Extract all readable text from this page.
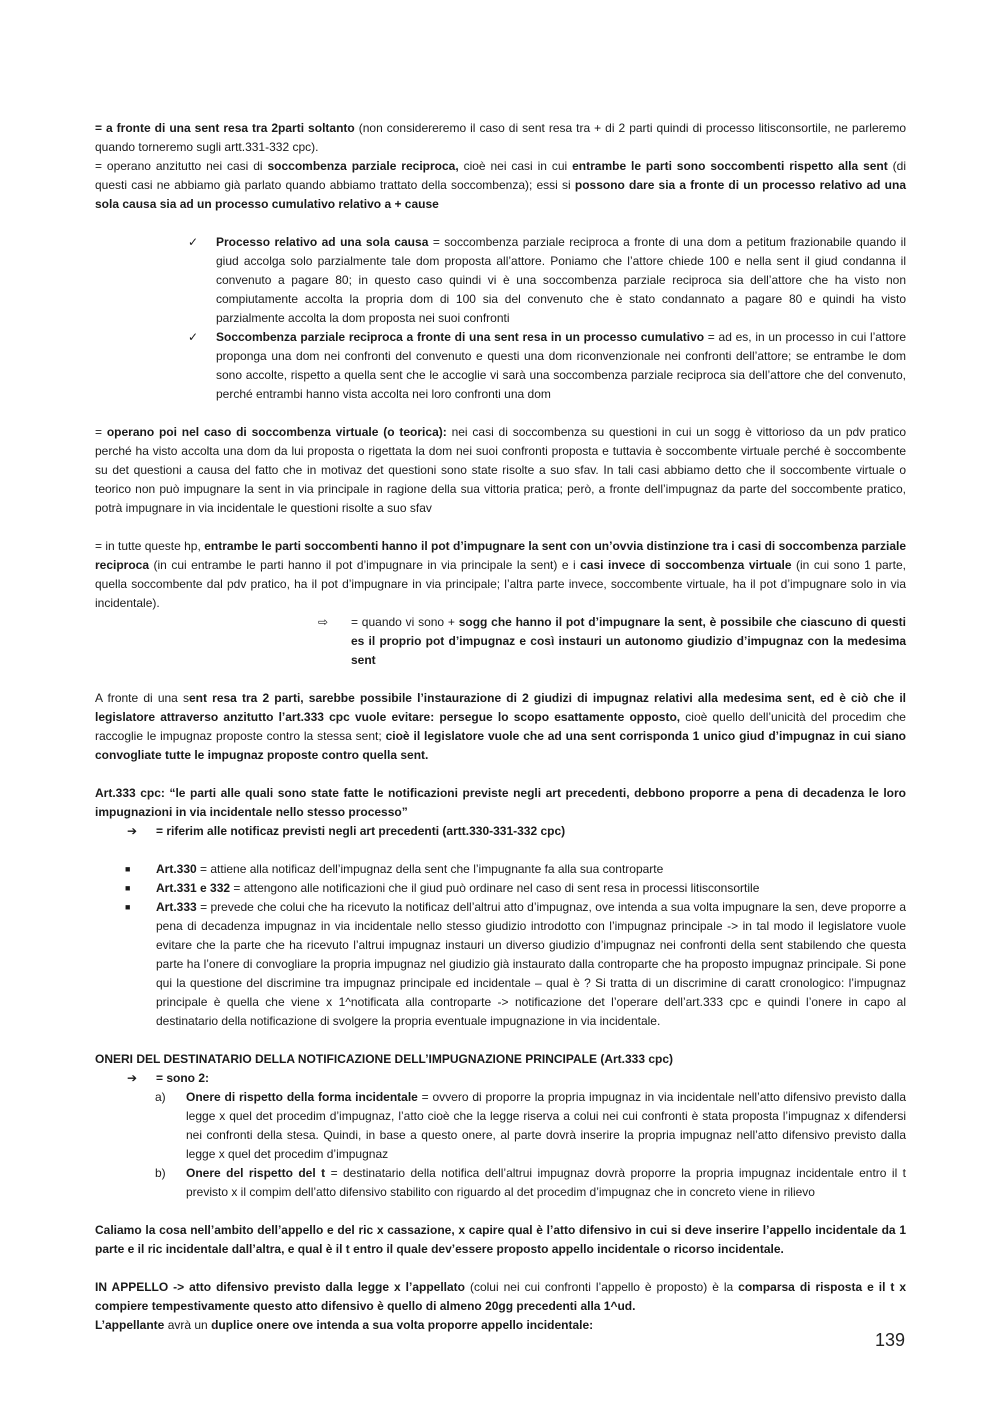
= a fronte di una sent resa tra 2parti soltanto (non considereremo il caso di sent resa tra + di 2 parti quindi di processo litisconsortile, ne parleremo quando torneremo sugli artt.331-332 cpc).

= operano anzitutto nei casi di soccombenza parziale reciproca, cioè nei casi in cui entrambe le parti sono soccombenti rispetto alla sent (di questi casi ne abbiamo già parlato quando abbiamo trattato della soccombenza); essi si possono dare sia a fronte di un processo relativo ad una sola causa sia ad un processo cumulativo relativo a + cause

✓	Processo relativo ad una sola causa = soccombenza parziale reciproca a fronte di una dom a petitum frazionabile quando il giud accolga solo parzialmente tale dom proposta all’attore. Poniamo che l’attore chiede 100 e nella sent il giud condanna il convenuto a pagare 80; in questo caso quindi vi è una soccombenza parziale reciproca sia dell’attore che ha visto non compiutamente accolta la propria dom di 100 sia del convenuto che è stato condannato a pagare 80 e quindi ha visto parzialmente accolta la dom proposta nei suoi confronti

✓	Soccombenza parziale reciproca a fronte di una sent resa in un processo cumulativo = ad es, in un processo in cui l’attore proponga una dom nei confronti del convenuto e questi una dom riconvenzionale nei confronti dell’attore; se entrambe le dom sono accolte, rispetto a quella sent che le accoglie vi sarà una soccombenza parziale reciproca sia dell’attore che del convenuto, perché entrambi hanno vista accolta nei loro confronti una dom

= operano poi nel caso di soccombenza virtuale (o teorica): nei casi di soccombenza su questioni in cui un sogg è vittorioso da un pdv pratico perché ha visto accolta una dom da lui proposta o rigettata la dom nei suoi confronti proposta e tuttavia è soccombente virtuale perché è soccombente su det questioni a causa del fatto che in motivaz det questioni sono state risolte a suo sfav. In tali casi abbiamo detto che il soccombente virtuale o teorico non può impugnare la sent in via principale in ragione della sua vittoria pratica; però, a fronte dell’impugnaz da parte del soccombente pratico, potrà impugnare in via incidentale le questioni risolte a suo sfav

= in tutte queste hp, entrambe le parti soccombenti hanno il pot d’impugnare la sent con un’ovvia distinzione tra i casi di soccombenza parziale reciproca (in cui entrambe le parti hanno il pot d’impugnare in via principale la sent) e i casi invece di soccombenza virtuale (in cui sono 1 parte, quella soccombente dal pdv pratico, ha il pot d’impugnare in via principale; l’altra parte invece, soccombente virtuale, ha il pot d’impugnare solo in via incidentale).

⇨	= quando vi sono + sogg che hanno il pot d’impugnare la sent, è possibile che ciascuno di questi es il proprio pot d’impugnaz e così instauri un autonomo giudizio d’impugnaz con la medesima sent

A fronte di una sent resa tra 2 parti, sarebbe possibile l’instaurazione di 2 giudizi di impugnaz relativi alla medesima sent, ed è ciò che il legislatore attraverso anzitutto l’art.333 cpc vuole evitare: persegue lo scopo esattamente opposto, cioè quello dell’unicità del procedim che raccoglie le impugnaz proposte contro la stessa sent; cioè il legislatore vuole che ad una sent corrisponda 1 unico giud d’impugnaz in cui siano convogliate tutte le impugnaz proposte contro quella sent.

Art.333 cpc: “le parti alle quali sono state fatte le notificazioni previste negli art precedenti, debbono proporre a pena di decadenza le loro impugnazioni in via incidentale nello stesso processo”

➔	= riferim alle notificaz previsti negli art precedenti (artt.330-331-332 cpc)

■	Art.330 = attiene alla notificaz dell’impugnaz della sent che l’impugnante fa alla sua controparte

■	Art.331 e 332 = attengono alle notificazioni che il giud può ordinare nel caso di sent resa in processi litisconsortile

■	Art.333 = prevede che colui che ha ricevuto la notificaz dell’altrui atto d’impugnaz, ove intenda a sua volta impugnare la sen, deve proporre a pena di decadenza impugnaz in via incidentale nello stesso giudizio introdotto con l’impugnaz principale -> in tal modo il legislatore vuole evitare che la parte che ha ricevuto l’altrui impugnaz instauri un diverso giudizio d’impugnaz nei confronti della sent stabilendo che questa parte ha l’onere di convogliare la propria impugnaz nel giudizio già instaurato dalla controparte che ha proposto impugnaz principale. Si pone qui la questione del discrimine tra impugnaz principale ed incidentale – qual è ? Si tratta di un discrimine di caratt cronologico: l’impugnaz principale è quella che viene x 1^notificata alla controparte -> notificazione det l’operare dell’art.333 cpc e quindi l’onere in capo al destinatario della notificazione di svolgere la propria eventuale impugnazione in via incidentale.

ONERI DEL DESTINATARIO DELLA NOTIFICAZIONE DELL’IMPUGNAZIONE PRINCIPALE (Art.333 cpc)

➔	= sono 2:

a)	Onere di rispetto della forma incidentale = ovvero di proporre la propria impugnaz in via incidentale nell’atto difensivo previsto dalla legge x quel det procedim d’impugnaz, l’atto cioè che la legge riserva a colui nei cui confronti è stata proposta l’impugnaz x difendersi nei confronti della stesa. Quindi, in base a questo onere, al parte dovrà inserire la propria impugnaz nell’atto difensivo previsto dalla legge x quel det procedim d’impugnaz

b)	Onere del rispetto del t = destinatario della notifica dell’altrui impugnaz dovrà proporre la propria impugnaz incidentale entro il t previsto x il compim dell’atto difensivo stabilito con riguardo al det procedim d’impugnaz che in concreto viene in rilievo

Caliamo la cosa nell’ambito dell’appello e del ric x cassazione, x capire qual è l’atto difensivo in cui si deve inserire l’appello incidentale da 1 parte e il ric incidentale dall’altra, e qual è il t entro il quale dev’essere proposto appello incidentale o ricorso incidentale.

IN APPELLO -> atto difensivo previsto dalla legge x l’appellato (colui nei cui confronti l’appello è proposto) è la comparsa di risposta e il t x compiere tempestivamente questo atto difensivo è quello di almeno 20gg precedenti alla 1^ud.

L’appellante avrà un duplice onere ove intenda a sua volta proporre appello incidentale:

139
